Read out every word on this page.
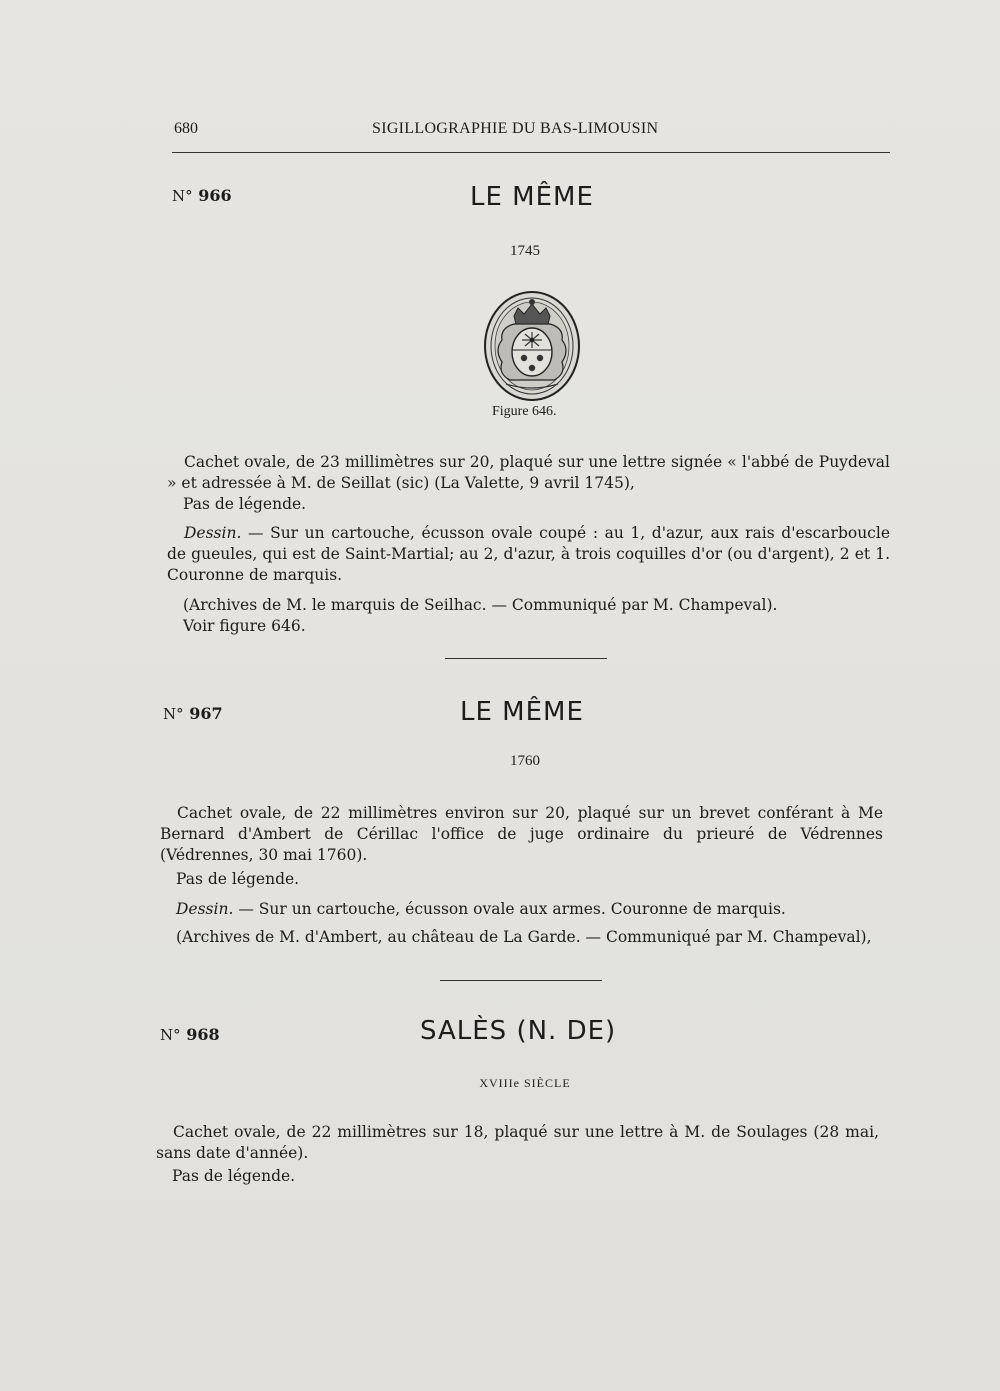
680	SIGILLOGRAPHIE DU BAS-LIMOUSIN
N° 966	LE MÊME
1745
Figure 646.

Cachet ovale, de 23 millimètres sur 20, plaqué sur une lettre signée « l'abbé de Puydeval » et adressée à M. de Seillat (sic) (La Valette, 9 avril 1745),

Pas de légende.

Dessin. — Sur un cartouche, écusson ovale coupé : au 1, d'azur, aux rais d'escarboucle de gueules, qui est de Saint-Martial; au 2, d'azur, à trois coquilles d'or (ou d'argent), 2 et 1. Couronne de marquis.

(Archives de M. le marquis de Seilhac. — Communiqué par M. Champeval).

Voir figure 646.

N° 967	LE MÊME
1760

Cachet ovale, de 22 millimètres environ sur 20, plaqué sur un brevet conférant à Me Bernard d'Ambert de Cérillac l'office de juge ordinaire du prieuré de Védrennes (Védrennes, 30 mai 1760).

Pas de légende.

Dessin. — Sur un cartouche, écusson ovale aux armes. Couronne de marquis.

(Archives de M. d'Ambert, au château de La Garde. — Communiqué par M. Champeval),

N° 968	SALÈS (N. DE)
XVIIIe SIÈCLE

Cachet ovale, de 22 millimètres sur 18, plaqué sur une lettre à M. de Soulages (28 mai, sans date d'année).

Pas de légende.
